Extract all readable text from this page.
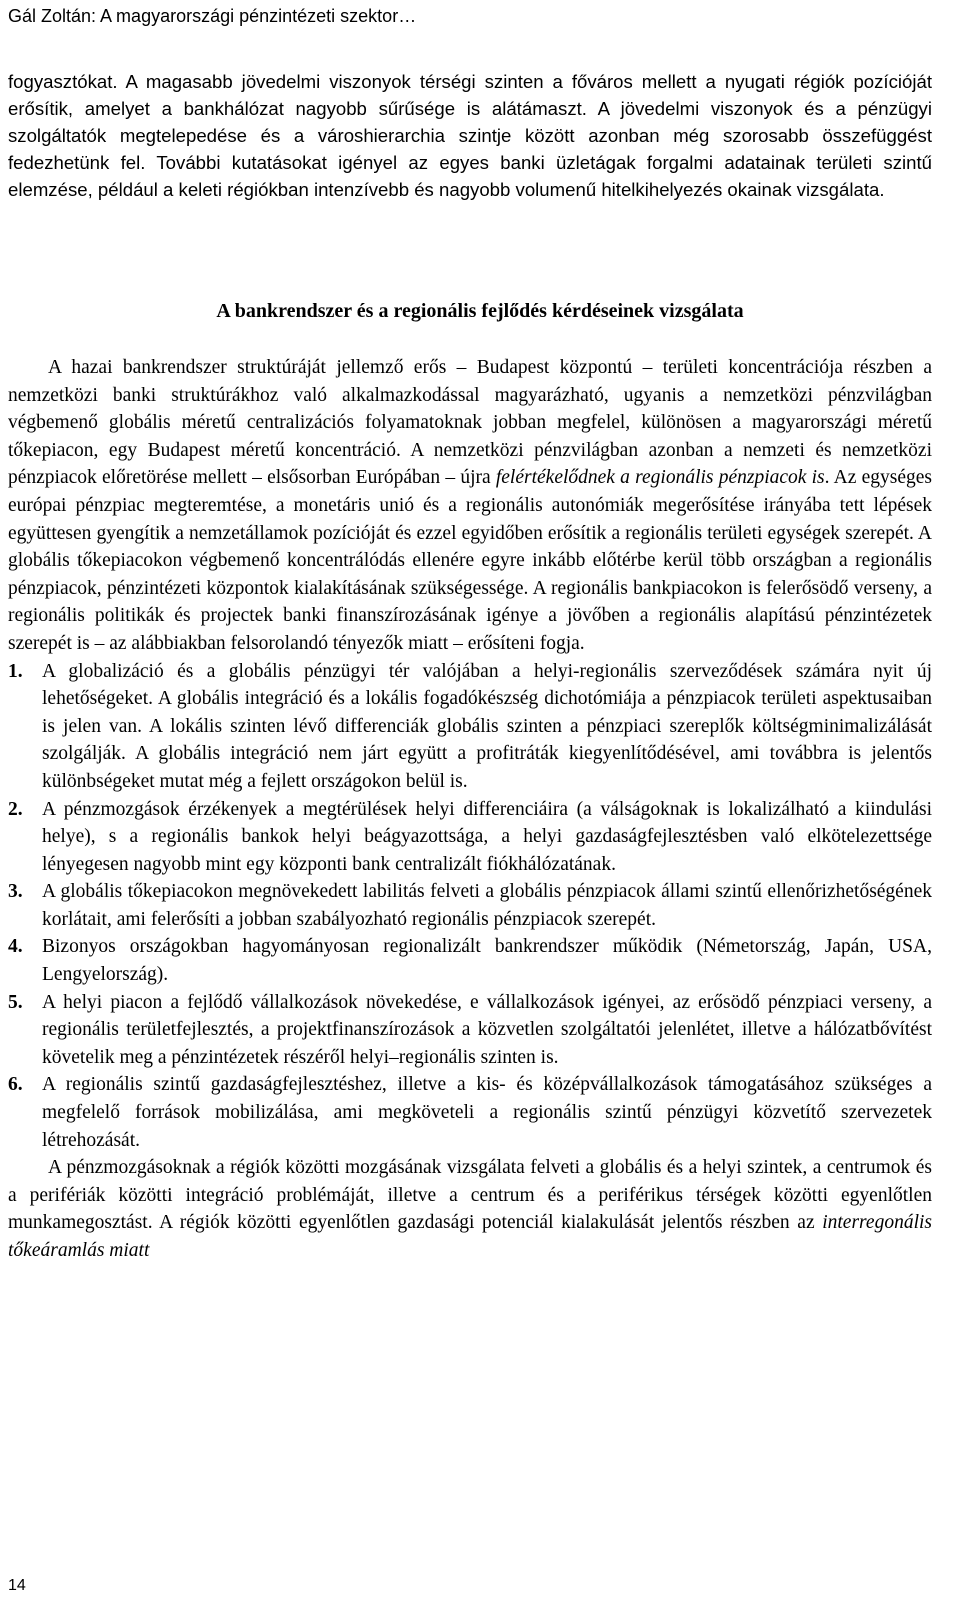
Gál Zoltán: A magyarországi pénzintézeti szektor…

fogyasztókat. A magasabb jövedelmi viszonyok térségi szinten a főváros mellett a nyugati régiók pozícióját erősítik, amelyet a bankhálózat nagyobb sűrűsége is alátámaszt. A jövedelmi viszonyok és a pénzügyi szolgáltatók megtelepedése és a városhierarchia szintje között azonban még szorosabb összefüggést fedezhetünk fel. További kutatásokat igényel az egyes banki üzletágak forgalmi adatainak területi szintű elemzése, például a keleti régiókban intenzívebb és nagyobb volumenű hitelkihelyezés okainak vizsgálata.

A bankrendszer és a regionális fejlődés kérdéseinek vizsgálata

A hazai bankrendszer struktúráját jellemző erős – Budapest központú – területi koncentrációja részben a nemzetközi banki struktúrákhoz való alkalmazkodással magyarázható, ugyanis a nemzetközi pénzvilágban végbemenő globális méretű centralizációs folyamatoknak jobban megfelel, különösen a magyarországi méretű tőkepiacon, egy Budapest méretű koncentráció. A nemzetközi pénzvilágban azonban a nemzeti és nemzetközi pénzpiacok előretörése mellett – elsősorban Európában – újra felértékelődnek a regionális pénzpiacok is. Az egységes európai pénzpiac megteremtése, a monetáris unió és a regionális autonómiák megerősítése irányába tett lépések együttesen gyengítik a nemzetállamok pozícióját és ezzel egyidőben erősítik a regionális területi egységek szerepét. A globális tőkepiacokon végbemenő koncentrálódás ellenére egyre inkább előtérbe kerül több országban a regionális pénzpiacok, pénzintézeti központok kialakításának szükségessége. A regionális bankpiacokon is felerősödő verseny, a regionális politikák és projectek banki finanszírozásának igénye a jövőben a regionális alapítású pénzintézetek szerepét is – az alábbiakban felsorolandó tényezők miatt – erősíteni fogja.

1. A globalizáció és a globális pénzügyi tér valójában a helyi-regionális szerveződések számára nyit új lehetőségeket. A globális integráció és a lokális fogadókészség dichotómiája a pénzpiacok területi aspektusaiban is jelen van. A lokális szinten lévő differenciák globális szinten a pénzpiaci szereplők költségminimalizálását szolgálják. A globális integráció nem járt együtt a profitráták kiegyenlítődésével, ami továbbra is jelentős különbségeket mutat még a fejlett országokon belül is.
2. A pénzmozgások érzékenyek a megtérülések helyi differenciáira (a válságoknak is lokalizálható a kiindulási helye), s a regionális bankok helyi beágyazottsága, a helyi gazdaságfejlesztésben való elkötelezettsége lényegesen nagyobb mint egy központi bank centralizált fiókhálózatának.
3. A globális tőkepiacokon megnövekedett labilitás felveti a globális pénzpiacok állami szintű ellenőrizhetőségének korlátait, ami felerősíti a jobban szabályozható regionális pénzpiacok szerepét.
4. Bizonyos országokban hagyományosan regionalizált bankrendszer működik (Németország, Japán, USA, Lengyelország).
5. A helyi piacon a fejlődő vállalkozások növekedése, e vállalkozások igényei, az erősödő pénzpiaci verseny, a regionális területfejlesztés, a projektfinanszírozások a közvetlen szolgáltatói jelenlétet, illetve a hálózatbővítést követelik meg a pénzintézetek részéről helyi–regionális szinten is.
6. A regionális szintű gazdaságfejlesztéshez, illetve a kis- és középvállalkozások támogatásához szükséges a megfelelő források mobilizálása, ami megköveteli a regionális szintű pénzügyi közvetítő szervezetek létrehozását.

A pénzmozgásoknak a régiók közötti mozgásának vizsgálata felveti a globális és a helyi szintek, a centrumok és a perifériák közötti integráció problémáját, illetve a centrum és a periférikus térségek közötti egyenlőtlen munkamegosztást. A régiók közötti egyenlőtlen gazdasági potenciál kialakulását jelentős részben az interregonális tőkeáramlás miatt

14
